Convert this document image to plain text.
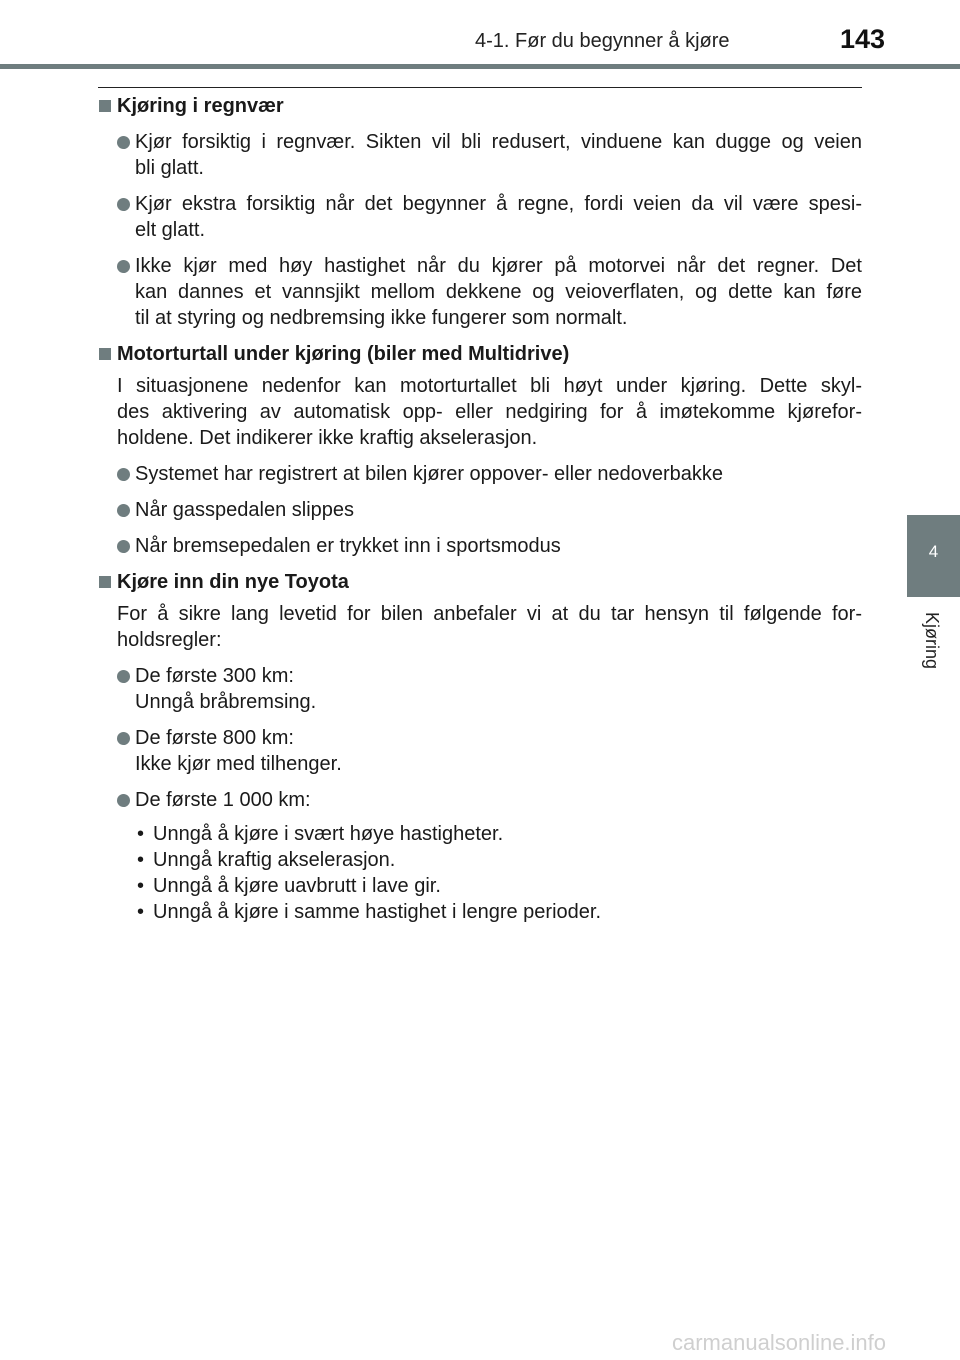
4-1. Før du begynner å kjøre	143
4
Kjøring
Kjøring i regnvær
Kjør forsiktig i regnvær. Sikten vil bli redusert, vinduene kan dugge og veien
bli glatt.
Kjør ekstra forsiktig når det begynner å regne, fordi veien da vil være spesi-
elt glatt.
Ikke kjør med høy hastighet når du kjører på motorvei når det regner. Det
kan dannes et vannsjikt mellom dekkene og veioverflaten, og dette kan føre
til at styring og nedbremsing ikke fungerer som normalt.
Motorturtall under kjøring (biler med Multidrive)
I situasjonene nedenfor kan motorturtallet bli høyt under kjøring. Dette skyl-
des aktivering av automatisk opp- eller nedgiring for å imøtekomme kjørefor-
holdene. Det indikerer ikke kraftig akselerasjon.
Systemet har registrert at bilen kjører oppover- eller nedoverbakke
Når gasspedalen slippes
Når bremsepedalen er trykket inn i sportsmodus
Kjøre inn din nye Toyota
For å sikre lang levetid for bilen anbefaler vi at du tar hensyn til følgende for-
holdsregler:
De første 300 km:
Unngå bråbremsing.
De første 800 km:
Ikke kjør med tilhenger.
De første 1 000 km:
• Unngå å kjøre i svært høye hastigheter.
• Unngå kraftig akselerasjon.
• Unngå å kjøre uavbrutt i lave gir.
• Unngå å kjøre i samme hastighet i lengre perioder.
carmanualsonline.info
